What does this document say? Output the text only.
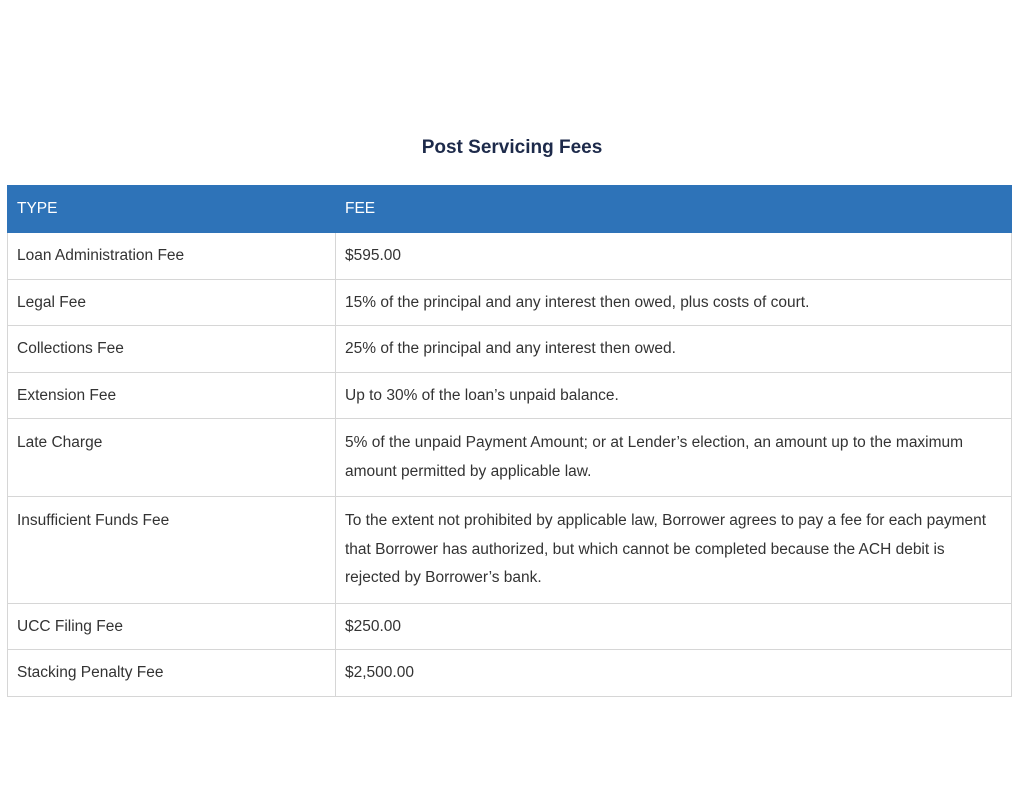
Post Servicing Fees
TYPE	FEE
Loan Administration Fee	$595.00
Legal Fee	15% of the principal and any interest then owed, plus costs of court.
Collections Fee	25% of the principal and any interest then owed.
Extension Fee	Up to 30% of the loan’s unpaid balance.
Late Charge	5% of the unpaid Payment Amount; or at Lender’s election, an amount up to the maximum amount permitted by applicable law.
Insufficient Funds Fee	To the extent not prohibited by applicable law, Borrower agrees to pay a fee for each payment that Borrower has authorized, but which cannot be completed because the ACH debit is rejected by Borrower’s bank.
UCC Filing Fee	$250.00
Stacking Penalty Fee	$2,500.00
